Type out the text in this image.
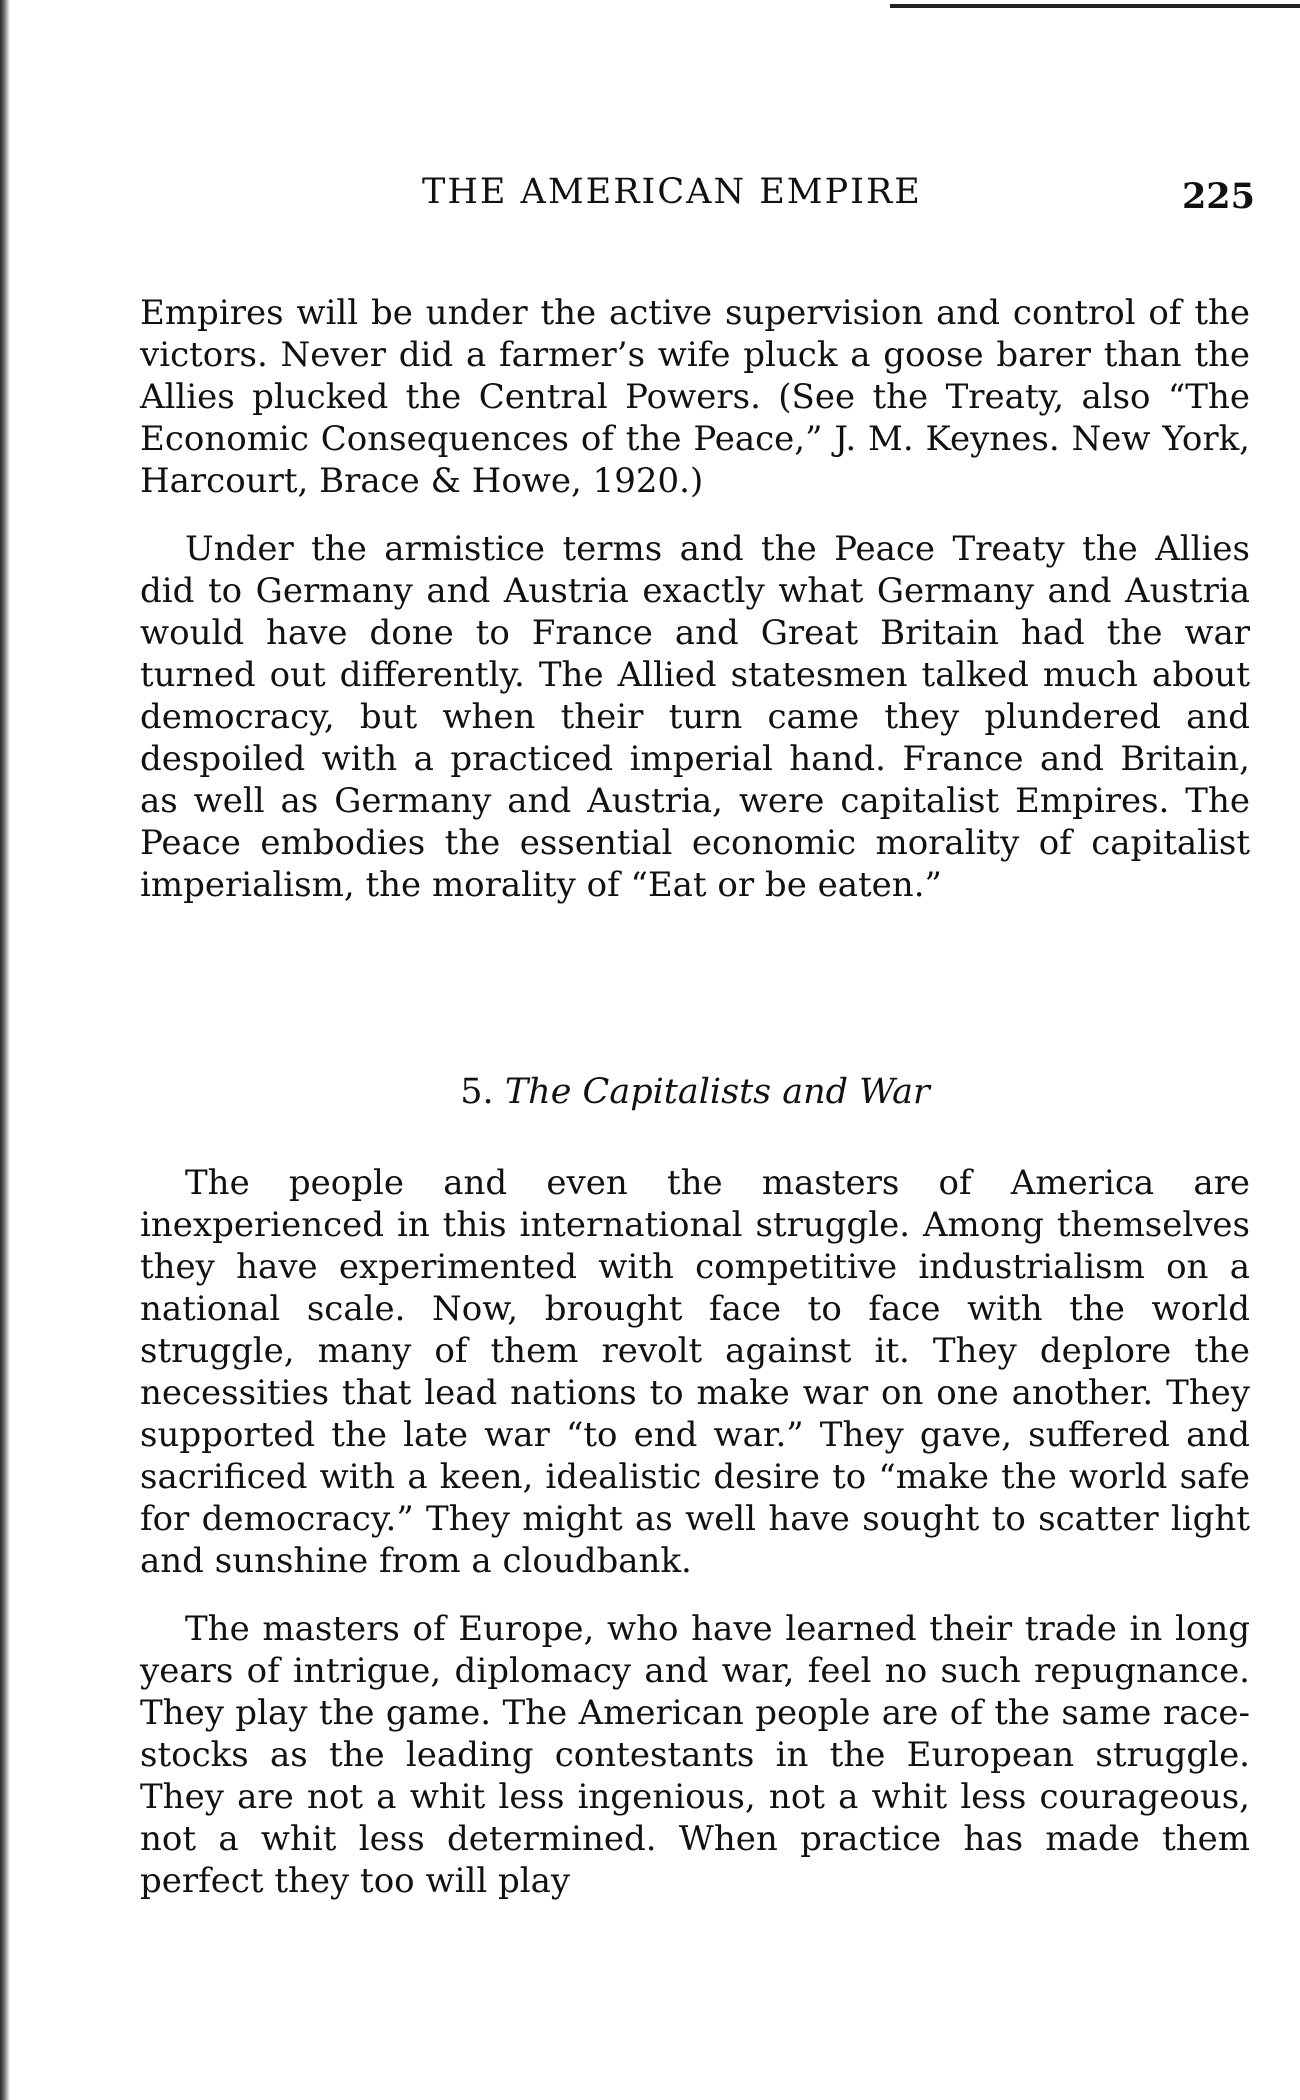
THE AMERICAN EMPIRE	225

Empires will be under the active supervision and control of the victors. Never did a farmer’s wife pluck a goose barer than the Allies plucked the Central Powers. (See the Treaty, also “The Economic Consequences of the Peace,” J. M. Keynes. New York, Harcourt, Brace & Howe, 1920.)

Under the armistice terms and the Peace Treaty the Allies did to Germany and Austria exactly what Germany and Austria would have done to France and Great Britain had the war turned out differently. The Allied statesmen talked much about democracy, but when their turn came they plundered and despoiled with a practiced imperial hand. France and Britain, as well as Germany and Austria, were capitalist Empires. The Peace embodies the essential economic morality of capitalist imperialism, the morality of “Eat or be eaten.”

5. The Capitalists and War

The people and even the masters of America are inexperienced in this international struggle. Among themselves they have experimented with competitive industrialism on a national scale. Now, brought face to face with the world struggle, many of them revolt against it. They deplore the necessities that lead nations to make war on one another. They supported the late war “to end war.” They gave, suffered and sacrificed with a keen, idealistic desire to “make the world safe for democracy.” They might as well have sought to scatter light and sunshine from a cloudbank.

The masters of Europe, who have learned their trade in long years of intrigue, diplomacy and war, feel no such repugnance. They play the game. The American people are of the same race-stocks as the leading contestants in the European struggle. They are not a whit less ingenious, not a whit less courageous, not a whit less determined. When practice has made them perfect they too will play
